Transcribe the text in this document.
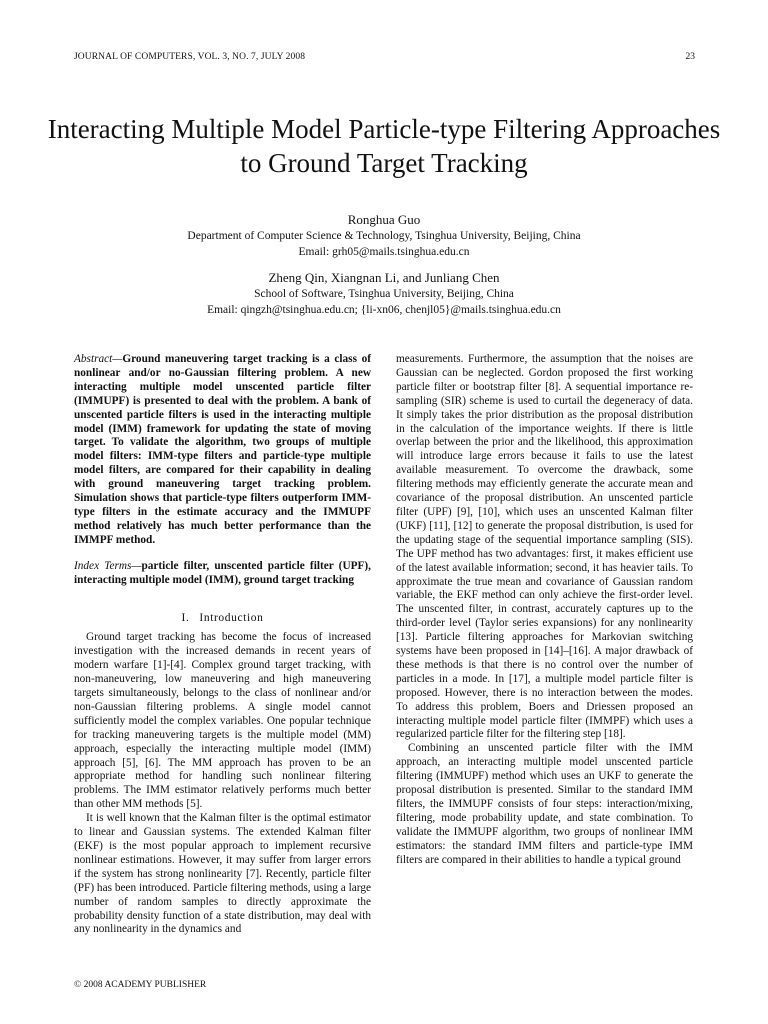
JOURNAL OF COMPUTERS, VOL. 3, NO. 7, JULY 2008	23
Interacting Multiple Model Particle-type Filtering Approaches to Ground Target Tracking
Ronghua Guo
Department of Computer Science & Technology, Tsinghua University, Beijing, China
Email: grh05@mails.tsinghua.edu.cn
Zheng Qin, Xiangnan Li, and Junliang Chen
School of Software, Tsinghua University, Beijing, China
Email: qingzh@tsinghua.edu.cn; {li-xn06, chenjl05}@mails.tsinghua.edu.cn

Abstract—Ground maneuvering target tracking is a class of nonlinear and/or no-Gaussian filtering problem. A new interacting multiple model unscented particle filter (IMMUPF) is presented to deal with the problem. A bank of unscented particle filters is used in the interacting multiple model (IMM) framework for updating the state of moving target. To validate the algorithm, two groups of multiple model filters: IMM-type filters and particle-type multiple model filters, are compared for their capability in dealing with ground maneuvering target tracking problem. Simulation shows that particle-type filters outperform IMM-type filters in the estimate accuracy and the IMMUPF method relatively has much better performance than the IMMPF method.

Index Terms—particle filter, unscented particle filter (UPF), interacting multiple model (IMM), ground target tracking

I. Introduction

Ground target tracking has become the focus of increased investigation with the increased demands in recent years of modern warfare [1]-[4]. Complex ground target tracking, with non-maneuvering, low maneuvering and high maneuvering targets simultaneously, belongs to the class of nonlinear and/or non-Gaussian filtering problems. A single model cannot sufficiently model the complex variables. One popular technique for tracking maneuvering targets is the multiple model (MM) approach, especially the interacting multiple model (IMM) approach [5], [6]. The MM approach has proven to be an appropriate method for handling such nonlinear filtering problems. The IMM estimator relatively performs much better than other MM methods [5].

It is well known that the Kalman filter is the optimal estimator to linear and Gaussian systems. The extended Kalman filter (EKF) is the most popular approach to implement recursive nonlinear estimations. However, it may suffer from larger errors if the system has strong nonlinearity [7]. Recently, particle filter (PF) has been introduced. Particle filtering methods, using a large number of random samples to directly approximate the probability density function of a state distribution, may deal with any nonlinearity in the dynamics and

measurements. Furthermore, the assumption that the noises are Gaussian can be neglected. Gordon proposed the first working particle filter or bootstrap filter [8]. A sequential importance re-sampling (SIR) scheme is used to curtail the degeneracy of data. It simply takes the prior distribution as the proposal distribution in the calculation of the importance weights. If there is little overlap between the prior and the likelihood, this approximation will introduce large errors because it fails to use the latest available measurement. To overcome the drawback, some filtering methods may efficiently generate the accurate mean and covariance of the proposal distribution. An unscented particle filter (UPF) [9], [10], which uses an unscented Kalman filter (UKF) [11], [12] to generate the proposal distribution, is used for the updating stage of the sequential importance sampling (SIS). The UPF method has two advantages: first, it makes efficient use of the latest available information; second, it has heavier tails. To approximate the true mean and covariance of Gaussian random variable, the EKF method can only achieve the first-order level. The unscented filter, in contrast, accurately captures up to the third-order level (Taylor series expansions) for any nonlinearity [13]. Particle filtering approaches for Markovian switching systems have been proposed in [14]–[16]. A major drawback of these methods is that there is no control over the number of particles in a mode. In [17], a multiple model particle filter is proposed. However, there is no interaction between the modes. To address this problem, Boers and Driessen proposed an interacting multiple model particle filter (IMMPF) which uses a regularized particle filter for the filtering step [18].

Combining an unscented particle filter with the IMM approach, an interacting multiple model unscented particle filtering (IMMUPF) method which uses an UKF to generate the proposal distribution is presented. Similar to the standard IMM filters, the IMMUPF consists of four steps: interaction/mixing, filtering, mode probability update, and state combination. To validate the IMMUPF algorithm, two groups of nonlinear IMM estimators: the standard IMM filters and particle-type IMM filters are compared in their abilities to handle a typical ground

© 2008 ACADEMY PUBLISHER
